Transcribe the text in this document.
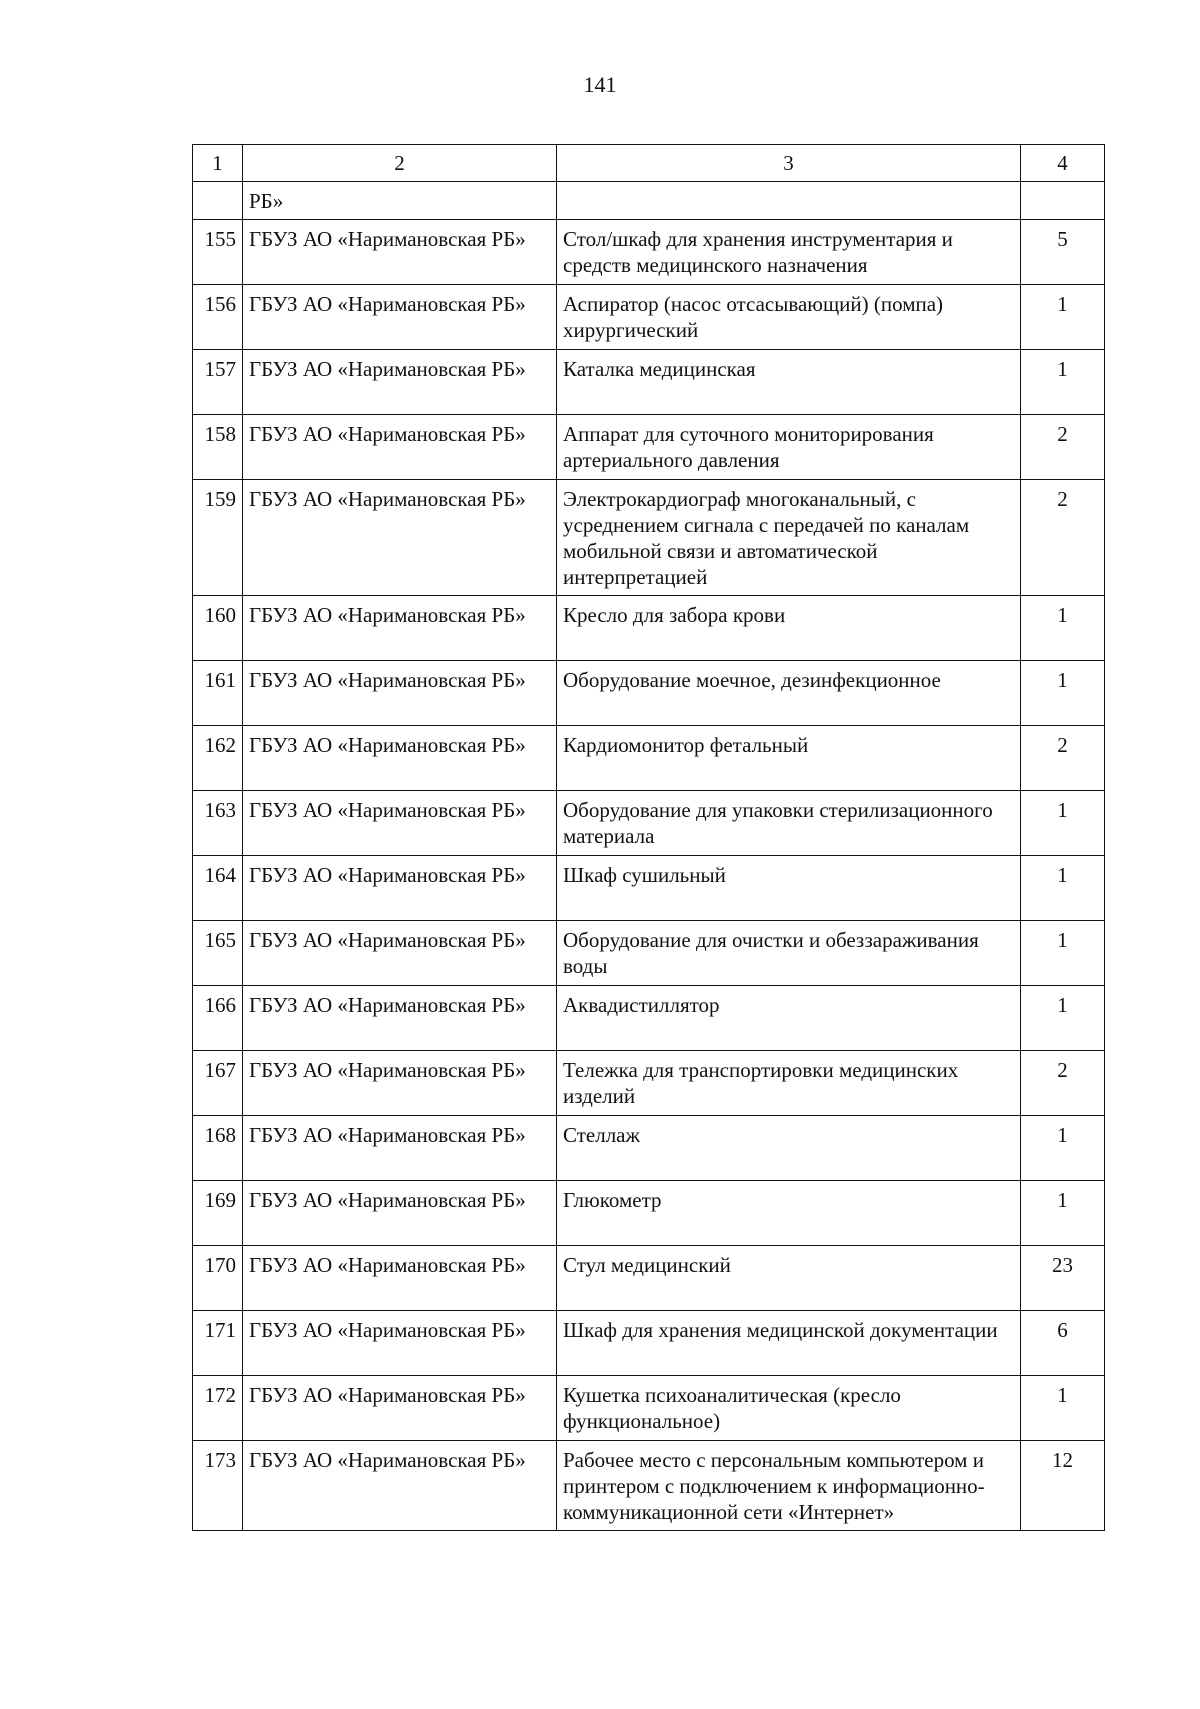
141
1	2	3	4
	РБ»		
155	ГБУЗ АО «Наримановская РБ»	Стол/шкаф для хранения инструментария и средств медицинского назначения	5
156	ГБУЗ АО «Наримановская РБ»	Аспиратор (насос отсасывающий) (помпа) хирургический	1
157	ГБУЗ АО «Наримановская РБ»	Каталка медицинская	1
158	ГБУЗ АО «Наримановская РБ»	Аппарат для суточного мониторирования артериального давления	2
159	ГБУЗ АО «Наримановская РБ»	Электрокардиограф многоканальный, с усреднением сигнала с передачей по каналам мобильной связи и автоматической интерпретацией	2
160	ГБУЗ АО «Наримановская РБ»	Кресло для забора крови	1
161	ГБУЗ АО «Наримановская РБ»	Оборудование моечное, дезинфекционное	1
162	ГБУЗ АО «Наримановская РБ»	Кардиомонитор фетальный	2
163	ГБУЗ АО «Наримановская РБ»	Оборудование для упаковки стерилизационного материала	1
164	ГБУЗ АО «Наримановская РБ»	Шкаф сушильный	1
165	ГБУЗ АО «Наримановская РБ»	Оборудование для очистки и обеззараживания воды	1
166	ГБУЗ АО «Наримановская РБ»	Аквадистиллятор	1
167	ГБУЗ АО «Наримановская РБ»	Тележка для транспортировки медицинских изделий	2
168	ГБУЗ АО «Наримановская РБ»	Стеллаж	1
169	ГБУЗ АО «Наримановская РБ»	Глюкометр	1
170	ГБУЗ АО «Наримановская РБ»	Стул медицинский	23
171	ГБУЗ АО «Наримановская РБ»	Шкаф для хранения медицинской документации	6
172	ГБУЗ АО «Наримановская РБ»	Кушетка психоаналитическая (кресло функциональное)	1
173	ГБУЗ АО «Наримановская РБ»	Рабочее место с персональным компьютером и принтером с подключением к информационно-коммуникационной сети «Интернет»	12
